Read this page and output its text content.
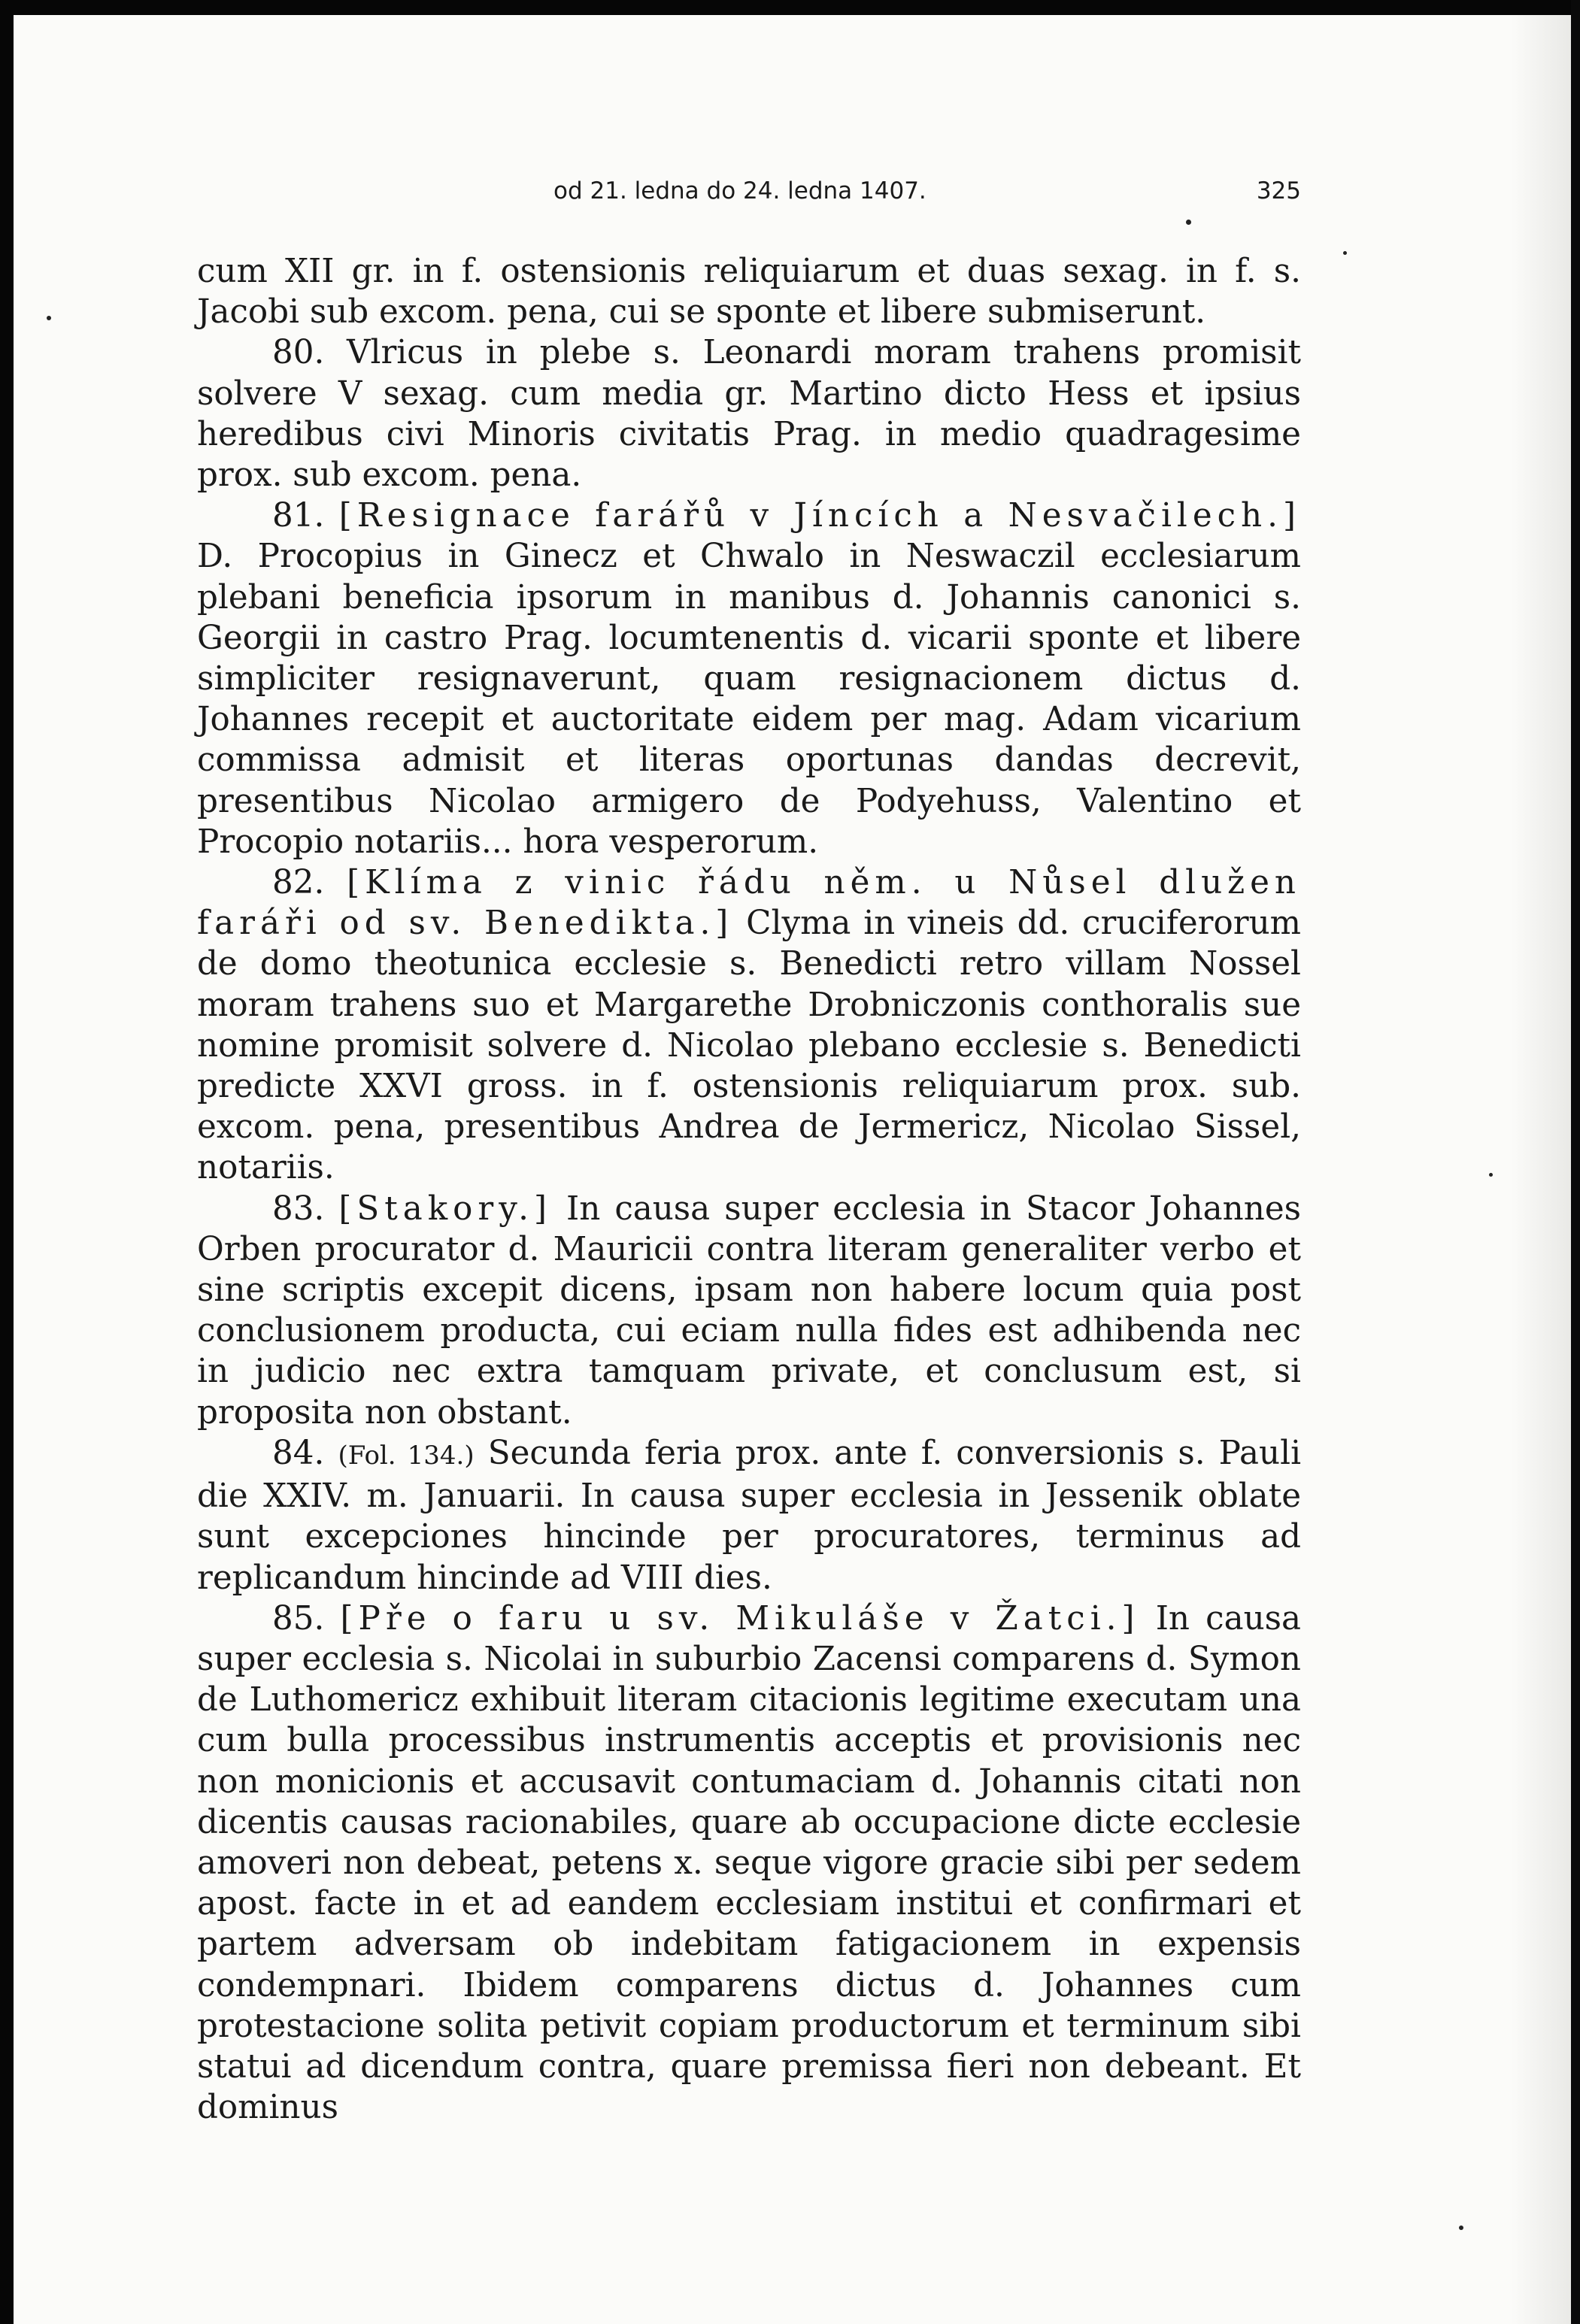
od 21. ledna do 24. ledna 1407.	325

cum XII gr. in f. ostensionis reliquiarum et duas sexag. in f. s. Jacobi sub excom. pena, cui se sponte et libere submiserunt.

80. Vlricus in plebe s. Leonardi moram trahens promisit solvere V sexag. cum media gr. Martino dicto Hess et ipsius heredibus civi Minoris civitatis Prag. in medio quadragesime prox. sub excom. pena.

81. [Resignace farářů v Jíncích a Nesvačilech.] D. Procopius in Ginecz et Chwalo in Neswaczil ecclesiarum plebani beneficia ipsorum in manibus d. Johannis canonici s. Georgii in castro Prag. locumtenentis d. vicarii sponte et libere simpliciter resignaverunt, quam resignacionem dictus d. Johannes recepit et auctoritate eidem per mag. Adam vicarium commissa admisit et literas oportunas dandas decrevit, presentibus Nicolao armigero de Podyehuss, Valentino et Procopio notariis... hora vesperorum.

82. [Klíma z vinic řádu něm. u Nůsel dlužen faráři od sv. Benedikta.] Clyma in vineis dd. cruciferorum de domo theotunica ecclesie s. Benedicti retro villam Nossel moram trahens suo et Margarethe Drobniczonis conthoralis sue nomine promisit solvere d. Nicolao plebano ecclesie s. Benedicti predicte XXVI gross. in f. ostensionis reliquiarum prox. sub. excom. pena, presentibus Andrea de Jermericz, Nicolao Sissel, notariis.

83. [Stakory.] In causa super ecclesia in Stacor Johannes Orben procurator d. Mauricii contra literam generaliter verbo et sine scriptis excepit dicens, ipsam non habere locum quia post conclusionem producta, cui eciam nulla fides est adhibenda nec in judicio nec extra tamquam private, et conclusum est, si proposita non obstant.

84. (Fol. 134.) Secunda feria prox. ante f. conversionis s. Pauli die XXIV. m. Januarii. In causa super ecclesia in Jessenik oblate sunt excepciones hincinde per procuratores, terminus ad replicandum hincinde ad VIII dies.

85. [Pře o faru u sv. Mikuláše v Žatci.] In causa super ecclesia s. Nicolai in suburbio Zacensi comparens d. Symon de Luthomericz exhibuit literam citacionis legitime executam una cum bulla processibus instrumentis acceptis et provisionis nec non monicionis et accusavit contumaciam d. Johannis citati non dicentis causas racionabiles, quare ab occupacione dicte ecclesie amoveri non debeat, petens x. seque vigore gracie sibi per sedem apost. facte in et ad eandem ecclesiam institui et confirmari et partem adversam ob indebitam fatigacionem in expensis condempnari. Ibidem comparens dictus d. Johannes cum protestacione solita petivit copiam productorum et terminum sibi statui ad dicendum contra, quare premissa fieri non debeant. Et dominus
